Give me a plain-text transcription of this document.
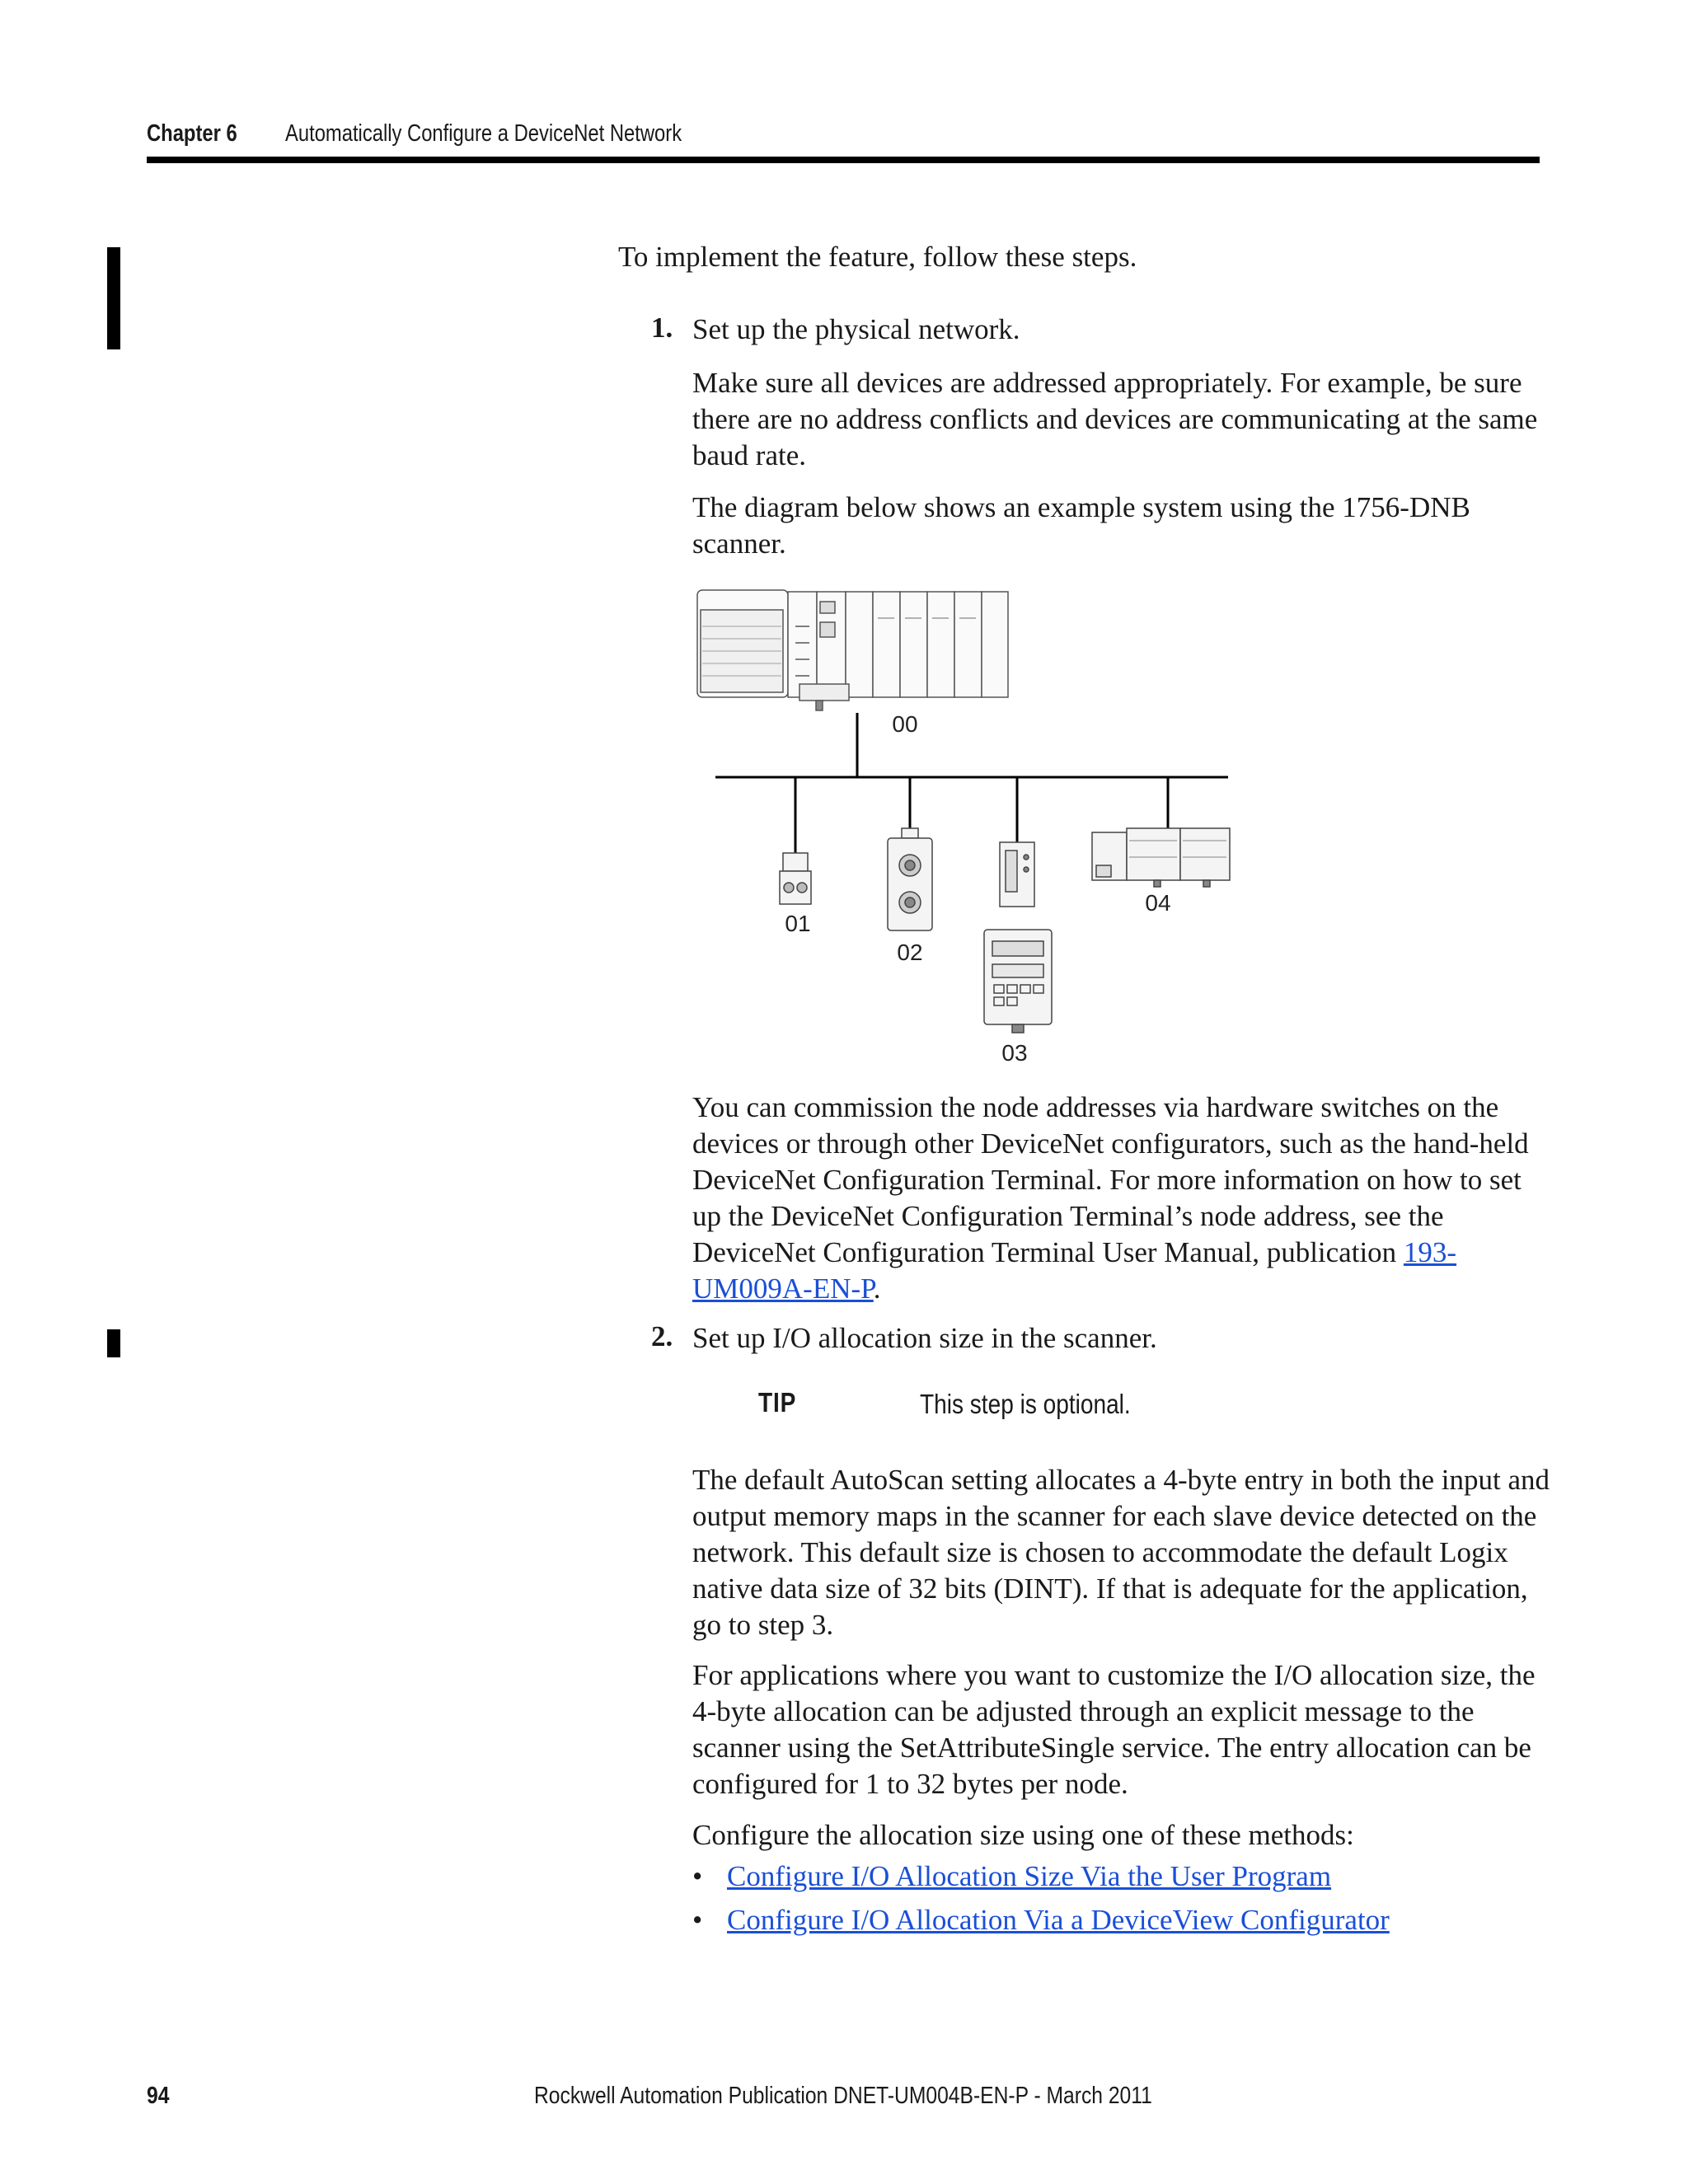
Chapter 6 Automatically Configure a DeviceNet Network

To implement the feature, follow these steps.

1. Set up the physical network.

Make sure all devices are addressed appropriately. For example, be sure there are no address conflicts and devices are communicating at the same baud rate.

The diagram below shows an example system using the 1756-DNB scanner.

00
01
02
03
04

You can commission the node addresses via hardware switches on the devices or through other DeviceNet configurators, such as the hand-held DeviceNet Configuration Terminal. For more information on how to set up the DeviceNet Configuration Terminal’s node address, see the DeviceNet Configuration Terminal User Manual, publication 193-UM009A-EN-P.

2. Set up I/O allocation size in the scanner.

TIP	This step is optional.

The default AutoScan setting allocates a 4-byte entry in both the input and output memory maps in the scanner for each slave device detected on the network. This default size is chosen to accommodate the default Logix native data size of 32 bits (DINT). If that is adequate for the application, go to step 3.

For applications where you want to customize the I/O allocation size, the 4-byte allocation can be adjusted through an explicit message to the scanner using the SetAttributeSingle service. The entry allocation can be configured for 1 to 32 bytes per node.

Configure the allocation size using one of these methods:

• Configure I/O Allocation Size Via the User Program
• Configure I/O Allocation Via a DeviceView Configurator
94	Rockwell Automation Publication DNET-UM004B-EN-P - March 2011
